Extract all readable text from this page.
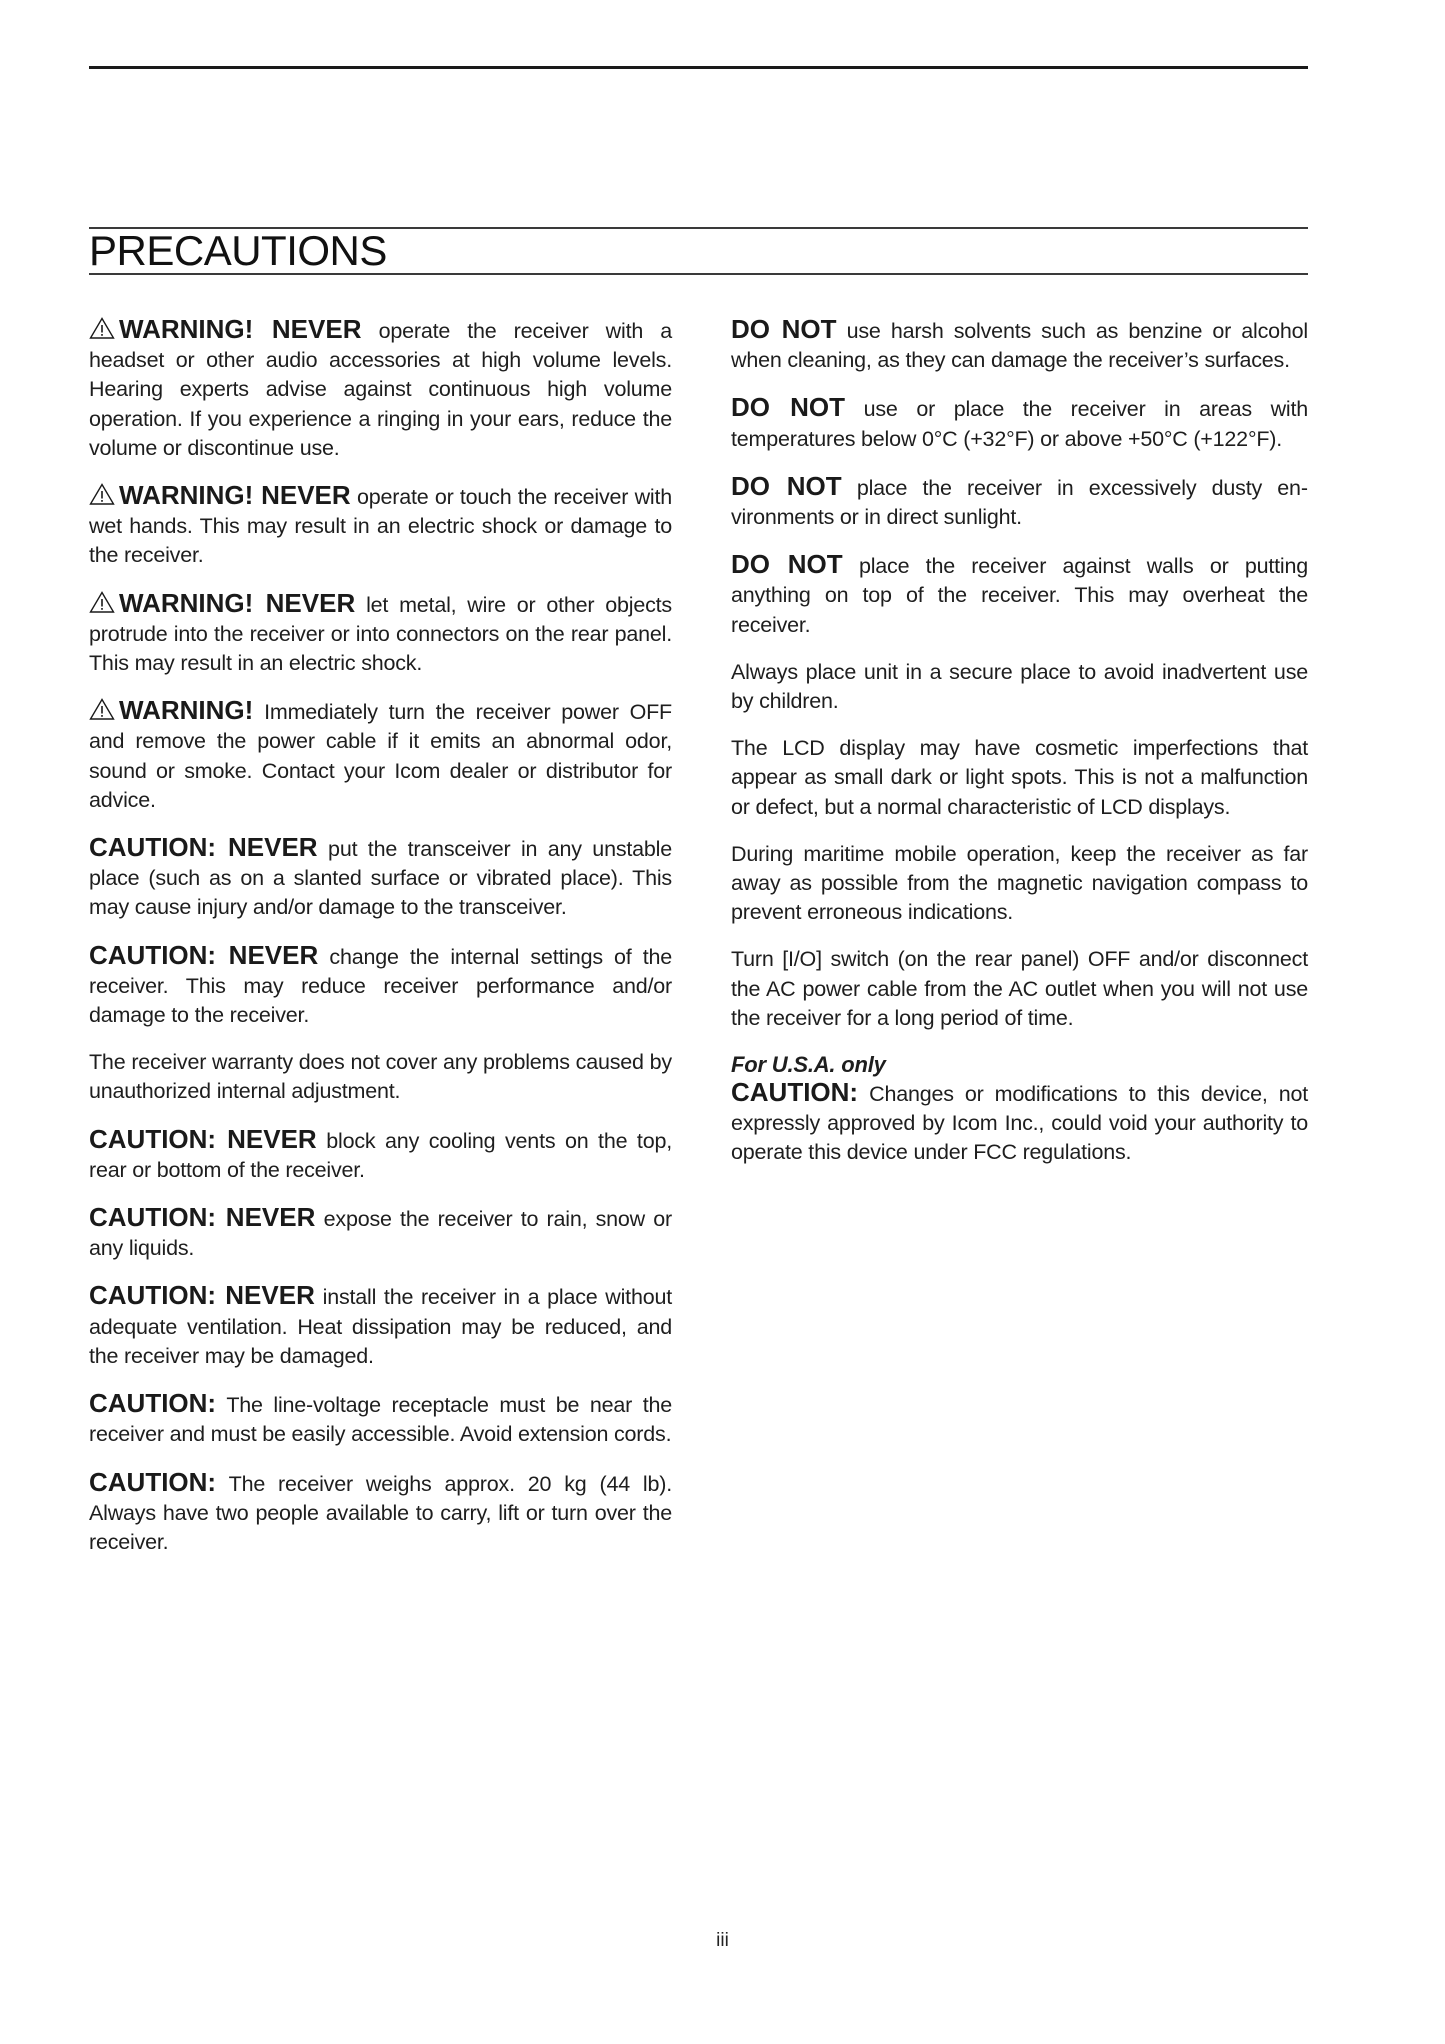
PRECAUTIONS

WARNING! NEVER operate the receiver with a headset or other audio accessories at high volume levels. Hearing experts advise against continuous high volume operation. If you experience a ringing in your ears, reduce the volume or discontinue use.

WARNING! NEVER operate or touch the receiver with wet hands. This may result in an electric shock or damage to the receiver.

WARNING! NEVER let metal, wire or other objects protrude into the receiver or into connectors on the rear panel. This may result in an electric shock.

WARNING! Immediately turn the receiver power OFF and remove the power cable if it emits an abnormal odor, sound or smoke. Contact your Icom dealer or distributor for advice.

CAUTION: NEVER put the transceiver in any unstable place (such as on a slanted surface or vibrated place). This may cause injury and/or damage to the transceiver.

CAUTION: NEVER change the internal settings of the receiver. This may reduce receiver performance and/or damage to the receiver.

The receiver warranty does not cover any problems caused by unauthorized internal adjustment.

CAUTION: NEVER block any cooling vents on the top, rear or bottom of the receiver.

CAUTION: NEVER expose the receiver to rain, snow or any liquids.

CAUTION: NEVER install the receiver in a place without adequate ventilation. Heat dissipation may be reduced, and the receiver may be damaged.

CAUTION: The line-voltage receptacle must be near the receiver and must be easily accessible. Avoid extension cords.

CAUTION: The receiver weighs approx. 20 kg (44 lb). Always have two people available to carry, lift or turn over the receiver.

DO NOT use harsh solvents such as benzine or alcohol when cleaning, as they can damage the receiver’s surfaces.

DO NOT use or place the receiver in areas with temperatures below 0°C (+32°F) or above +50°C (+122°F).

DO NOT place the receiver in excessively dusty environments or in direct sunlight.

DO NOT place the receiver against walls or putting anything on top of the receiver. This may overheat the receiver.

Always place unit in a secure place to avoid inadvertent use by children.

The LCD display may have cosmetic imperfections that appear as small dark or light spots. This is not a malfunction or defect, but a normal characteristic of LCD displays.

During maritime mobile operation, keep the receiver as far away as possible from the magnetic navigation compass to prevent erroneous indications.

Turn [I/O] switch (on the rear panel) OFF and/or disconnect the AC power cable from the AC outlet when you will not use the receiver for a long period of time.

For U.S.A. only
CAUTION: Changes or modifications to this device, not expressly approved by Icom Inc., could void your authority to operate this device under FCC regulations.

iii
